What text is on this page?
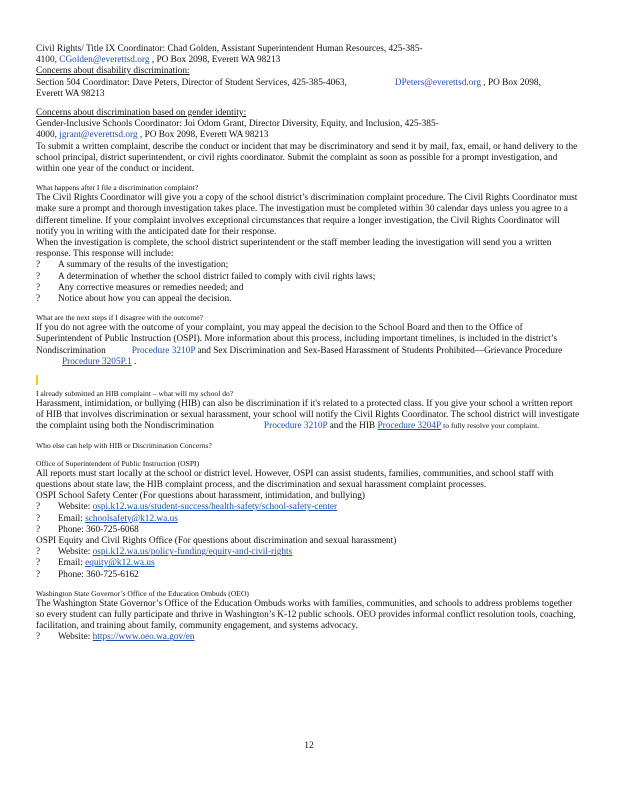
Civil Rights/ Title IX Coordinator: Chad Golden, Assistant Superintendent Human Resources, 425-385-

4100, CGolden@everettsd.org , PO Box 2098, Everett WA 98213

Concerns about disability discrimination:

Section 504 Coordinator: Dave Peters, Director of Student Services, 425-385-4063,	DPeters@everettsd.org , PO Box 2098,

Everett WA 98213

Concerns about discrimination based on gender identity:

Gender-Inclusive Schools Coordinator: Joi Odom Grant, Director Diversity, Equity, and Inclusion, 425-385-

4000, jgrant@everettsd.org , PO Box 2098, Everett WA 98213

To submit a written complaint, describe the conduct or incident that may be discriminatory and send it by mail, fax, email, or hand delivery to the school principal, district superintendent, or civil rights coordinator. Submit the complaint as soon as possible for a prompt investigation, and within one year of the conduct or incident.

What happens after I file a discrimination complaint?

The Civil Rights Coordinator will give you a copy of the school district’s discrimination complaint procedure. The Civil Rights Coordinator must make sure a prompt and thorough investigation takes place. The investigation must be completed within 30 calendar days unless you agree to a different timeline. If your complaint involves exceptional circumstances that require a longer investigation, the Civil Rights Coordinator will notify you in writing with the anticipated date for their response.

When the investigation is complete, the school district superintendent or the staff member leading the investigation will send you a written response. This response will include:

?	A summary of the results of the investigation;
?	A determination of whether the school district failed to comply with civil rights laws;
?	Any corrective measures or remedies needed; and
?	Notice about how you can appeal the decision.

What are the next steps if I disagree with the outcome?

If you do not agree with the outcome of your complaint, you may appeal the decision to the School Board and then to the Office of Superintendent of Public Instruction (OSPI). More information about this process, including important timelines, is included in the district’s Nondiscrimination	Procedure 3210P and Sex Discrimination and Sex-Based Harassment of Students Prohibited—Grievance ProcedureProcedure 3205P.1 .

I already submitted an HIB complaint – what will my school do?

Harassment, intimidation, or bullying (HIB) can also be discrimination if it's related to a protected class. If you give your school a written report of HIB that involves discrimination or sexual harassment, your school will notify the Civil Rights Coordinator. The school district will investigate the complaint using both the Nondiscrimination	Procedure 3210P and the HIB Procedure 3204P to fully resolve your complaint.

Who else can help with HIB or Discrimination Concerns?

Office of Superintendent of Public Instruction (OSPI)

All reports must start locally at the school or district level. However, OSPI can assist students, families, communities, and school staff with questions about state law, the HIB complaint process, and the discrimination and sexual harassment complaint processes.

OSPI School Safety Center (For questions about harassment, intimidation, and bullying)

?	Website:
ospi.k12.wa.us/student-success/health-safety/school-safety-center
?	Email:
schoolsafety@k12.wa.us
?	Phone: 360-725-6068

OSPI Equity and Civil Rights Office (For questions about discrimination and sexual harassment)

?	Website:
ospi.k12.wa.us/policy-funding/equity-and-civil-rights
?	Email:
equity@k12.wa.us
?	Phone: 360-725-6162

Washington State Governor’s Office of the Education Ombuds (OEO)

The Washington State Governor’s Office of the Education Ombuds works with families, communities, and schools to address problems together so every student can fully participate and thrive in Washington’s K-12 public schools. OEO provides informal conflict resolution tools, coaching, facilitation, and training about family, community engagement, and systems advocacy.

?	Website:
https://www.oeo.wa.gov/en
12
